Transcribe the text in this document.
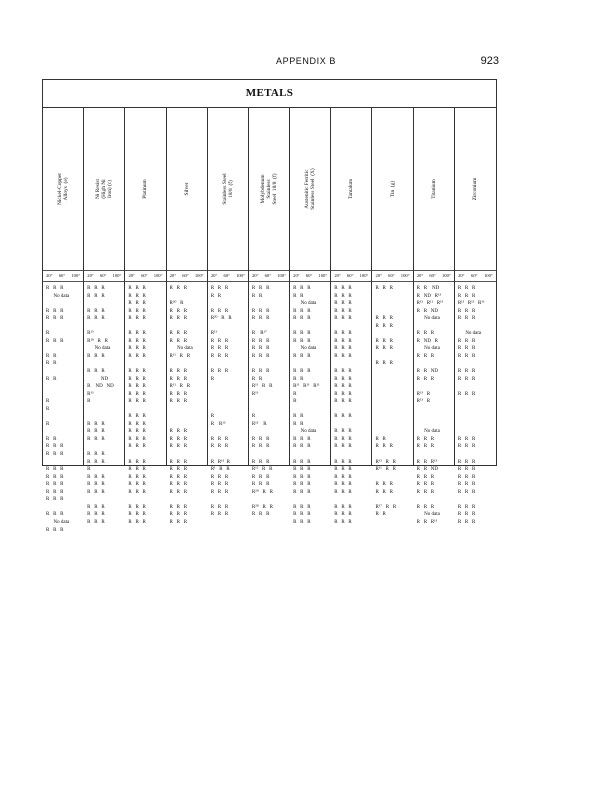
APPENDIX B	923
METALS
Nickel-Copper
Alloys  (e)
20° 60° 100°
R   R   R
No data
R   R   R
R   R   R
R
R   R   R
R   R
R   R
R   R
R
R
R
R   R
R   R   R
R   R   R
R   R   R
R   R   R
R   R   R
R   R   R
R   R   R
R   R   R
No data
R   R   R
Ni Resist
(High Ni
Iron) (c)
20° 60° 100°
R   R   R
R   R   R
R   R   R
R   R   R
R¹³
R¹⁸   R   R
No data
R   R   R
R   R   R
ND
R    ND   ND
R¹³
R
R   R   R
R   R   R
R   R   R
R   R   R
R   R   R
R
R   R   R
R   R   R
R   R   R
R   R   R
R   R   R
R   R   R
Platinum
20° 60° 100°
R   R   R
R   R   R
R   R   R
R   R   R
R   R   R
R   R   R
R   R   R
R   R   R
R   R   R
R   R   R
R   R   R
R   R   R
R   R   R
R   R   R
R   R   R
R   R   R
R   R   R
R   R   R
R   R   R
R   R   R
R   R   R
R   R   R
R   R   R
R   R   R
R   R   R
R   R   R
R   R   R
Silver
20° 60° 100°
R   R   R
R²⁰   R
R   R   R
R   R   R
R   R   R
R   R   R
No data
R¹¹   R   R
R   R   R
R   R   R
R¹¹   R   R
R   R   R
R   R   R
R   R   R
R   R   R
R   R   R
R   R   R
R   R   R
R   R   R
R   R   R
R   R   R
R   R   R
R   R   R
R   R   R
Stainless Steel
18/8  (f)
20° 60° 100°
R   R   R
R   R
R   R   R
R²⁰   R   R
R¹¹
R   R   R
R   R   R
R   R   R
R   R   R
R
R
R    R¹³
R   R   R
R   R   R
R   R¹³  R
R¹   R   R
R   R   R
R   R   R
R   R   R
R   R   R
R   R   R
Molybdenum
Stainless
Steel  18/8  (f)
20° 60° 100°
R   R   R
R   R
R   R   R
R   R   R
R    R¹⁷
R   R   R
R   R   R
R   R   R
R   R   R
R   R
R¹¹   R   R
R¹³
R
R¹³    R
R   R   R
R   R   R
R   R   R
R¹¹   R   R
R   R   R
R   R   R
R²⁰   R   R
R²⁰   R   R
R   R   R
Austenitic Ferritic
Stainless Steel  (X)
20° 60° 100°
R   R   R
R   R
No data
R   R   R
R   R   R
R   R   R
R   R   R
No data
R   R   R
R   R   R
R   R
R¹¹   R¹¹   R¹¹
R
R
R   R
R   R
No data
R   R   R
R   R   R
R   R   R
R   R   R
R   R   R
R   R   R
R   R   R
R   R   R
R   R   R
R   R   R
Tantalum
20° 60° 100°
R   R   R
R   R   R
R   R   R
R   R   R
R   R   R
R   R   R
R   R   R
R   R   R
R   R   R
R   R   R
R   R   R
R   R   R
R   R   R
R   R   R
R   R   R
R   R   R
R   R   R
R   R   R
R   R   R
R   R   R
R   R   R
R   R   R
R   R   R
R   R   R
R   R   R
R   R   R
Tin  (g)
20° 60° 100°
R   R   R
R   R   R
R   R   R
R   R   R
R   R   R
R   R   R
R   R
R   R   R
R¹³   R   R
R¹¹   R   R
R   R   R
R   R   R
R¹⁷   R   R
R   R
Titanium
20° 60° 100°
R   R    ND
R   ND   R¹³
R¹³   R¹¹   R¹³
R   R   ND
No data
R   R   R
R   ND   R
No data
R   R   R
R   R   ND
R   R   R
R¹³   R
R¹³   R
No data
R   R   R
R   R   R
R   R   R¹³
R   R   ND
R   R   R
R   R   R
R   R   R
R   R   R
No data
R   R   R¹³
Zirconium
20° 60° 100°
R   R   R
R   R   R
R¹³   R¹³   R¹³
R   R   R
R   R   R
No data
R   R   R
R   R   R
R   R   R
R   R   R
R   R   R
R   R   R
R   R   R
R   R   R
R   R   R
R   R   R
R   R   R
R   R   R
R   R   R
R   R   R
R   R   R
R   R   R
